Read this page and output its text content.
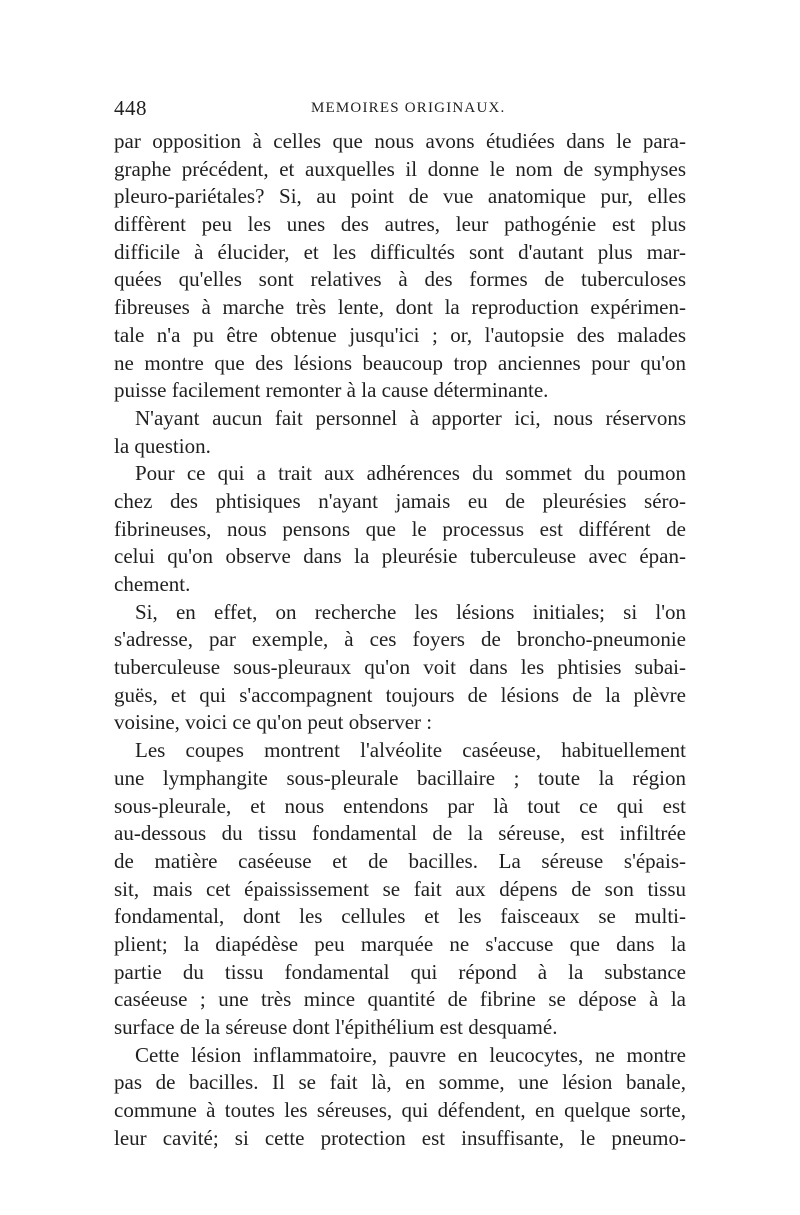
448	MEMOIRES ORIGINAUX.
par opposition à celles que nous avons étudiées dans le para-
graphe précédent, et auxquelles il donne le nom de symphyses
pleuro-pariétales? Si, au point de vue anatomique pur, elles
diffèrent peu les unes des autres, leur pathogénie est plus
difficile à élucider, et les difficultés sont d'autant plus mar-
quées qu'elles sont relatives à des formes de tuberculoses
fibreuses à marche très lente, dont la reproduction expérimen-
tale n'a pu être obtenue jusqu'ici ; or, l'autopsie des malades
ne montre que des lésions beaucoup trop anciennes pour qu'on
puisse facilement remonter à la cause déterminante.
N'ayant aucun fait personnel à apporter ici, nous réservons
la question.
Pour ce qui a trait aux adhérences du sommet du poumon
chez des phtisiques n'ayant jamais eu de pleurésies séro-
fibrineuses, nous pensons que le processus est différent de
celui qu'on observe dans la pleurésie tuberculeuse avec épan-
chement.
Si, en effet, on recherche les lésions initiales; si l'on
s'adresse, par exemple, à ces foyers de broncho-pneumonie
tuberculeuse sous-pleuraux qu'on voit dans les phtisies subai-
guës, et qui s'accompagnent toujours de lésions de la plèvre
voisine, voici ce qu'on peut observer :
Les coupes montrent l'alvéolite caséeuse, habituellement
une lymphangite sous-pleurale bacillaire ; toute la région
sous-pleurale, et nous entendons par là tout ce qui est
au-dessous du tissu fondamental de la séreuse, est infiltrée
de matière caséeuse et de bacilles. La séreuse s'épais-
sit, mais cet épaississement se fait aux dépens de son tissu
fondamental, dont les cellules et les faisceaux se multi-
plient; la diapédèse peu marquée ne s'accuse que dans la
partie du tissu fondamental qui répond à la substance
caséeuse ; une très mince quantité de fibrine se dépose à la
surface de la séreuse dont l'épithélium est desquamé.
Cette lésion inflammatoire, pauvre en leucocytes, ne montre
pas de bacilles. Il se fait là, en somme, une lésion banale,
commune à toutes les séreuses, qui défendent, en quelque sorte,
leur cavité; si cette protection est insuffisante, le pneumo-
